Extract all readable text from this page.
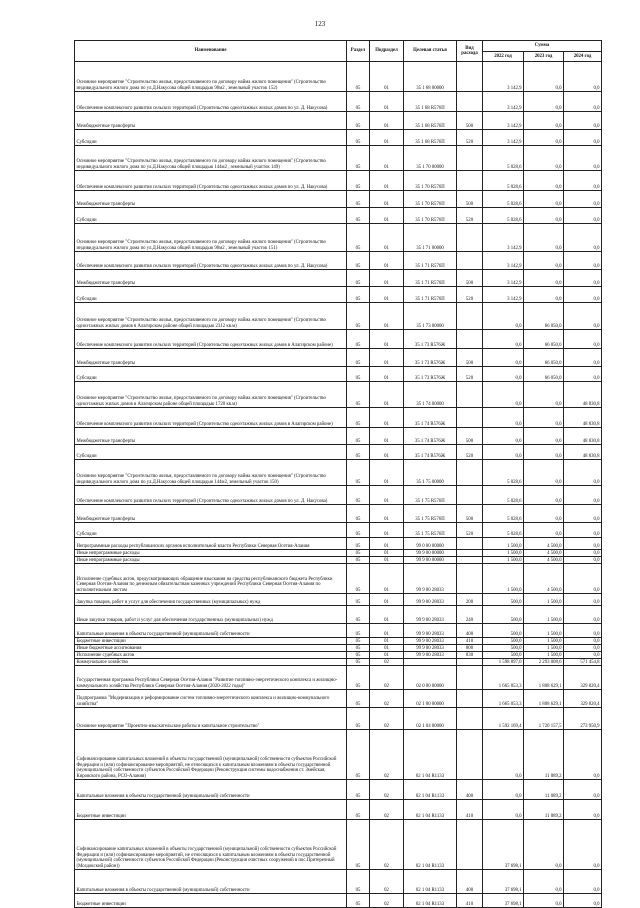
123
Наименование	Раздел	Подраздел	Целевая статья	Вид расхода	Сумма		
					2022 год	2023 год	2024 год
Основное мероприятие "Строительство жилья, предоставляемого по договору найма жилого помещения" (Строительство индивидуального жилого дома по ул.Д.Накусова общей площадью 90м2 , земельный участок 152)	05	01	35 1 68 00000		3 142,9	0,0	0,0
Обеспечение комплексного развития сельских территорий (Строительство одноэтажных жилых домов по ул. Д. Накусова)	05	01	35 1 68 R576П		3 142,9	0,0	0,0
Межбюджетные трансферты	05	01	35 1 68 R576П	500	3 142,9	0,0	0,0
Субсидии	05	01	35 1 68 R576П	520	3 142,9	0,0	0,0
Основное мероприятие "Строительство жилья, предоставляемого по договору найма жилого помещения" (Строительство индивидуального жилого дома по ул.Д.Накусова общей площадью 144м2 , земельный участок 149)	05	01	35 1 70 00000		5 028,6	0,0	0,0
Обеспечение комплексного развития сельских территорий (Строительство одноэтажных жилых домов по ул. Д. Накусова)	05	01	35 1 70 R576П		5 028,6	0,0	0,0
Межбюджетные трансферты	05	01	35 1 70 R576П	500	5 028,6	0,0	0,0
Субсидии	05	01	35 1 70 R576П	520	5 028,6	0,0	0,0
Основное мероприятие "Строительство жилья, предоставляемого по договору найма жилого помещения" (Строительство индивидуального жилого дома по ул.Д.Накусова общей площадью 90м2 , земельный участок 151)	05	01	35 1 71 00000		3 142,9	0,0	0,0
Обеспечение комплексного развития сельских территорий (Строительство одноэтажных жилых домов по ул. Д. Накусова)	05	01	35 1 71 R576П		3 142,9	0,0	0,0
Межбюджетные трансферты	05	01	35 1 71 R576П	500	3 142,9	0,0	0,0
Субсидии	05	01	35 1 71 R576П	520	3 142,9	0,0	0,0
Основное мероприятие "Строительство жилья, предоставляемого по договору найма жилого помещения" (Строительство одноэтажных жилых домов в Алагирском районе общей площадью 2312 кв.м)	05	01	35 1 73 00000		0,0	66 050,0	0,0
Обеспечение комплексного развития сельских территорий (Строительство одноэтажных жилых домов в Алагирском районе)	05	01	35 1 73 R576Ж		0,0	66 050,0	0,0
Межбюджетные трансферты	05	01	35 1 73 R576Ж	500	0,0	66 050,0	0,0
Субсидии	05	01	35 1 73 R576Ж	520	0,0	66 050,0	0,0
Основное мероприятие "Строительство жилья, предоставляемого по договору найма жилого помещения" (Строительство одноэтажных жилых домов в Алагирском районе общей площадью 1720 кв.м)	05	01	35 1 74 00000		0,0	0,0	48 830,8
Обеспечение комплексного развития сельских территорий (Строительство одноэтажных жилых домов в Алагирском районе)	05	01	35 1 74 R576Ж		0,0	0,0	48 830,8
Межбюджетные трансферты	05	01	35 1 74 R576Ж	500	0,0	0,0	48 830,8
Субсидии	05	01	35 1 74 R576Ж	520	0,0	0,0	48 830,8
Основное мероприятие "Строительство жилья, предоставляемого по договору найма жилого помещения" (Строительство индивидуального жилого дома по ул.Д.Накусова общей площадью 144м2, земельный участок 150)	05	01	35 1 75 00000		5 028,6	0,0	0,0
Обеспечение комплексного развития сельских территорий (Строительство одноэтажных жилых домов по ул. Д. Накусова)	05	01	35 1 75 R576П		5 028,6	0,0	0,0
Межбюджетные трансферты	05	01	35 1 75 R576П	500	5 028,6	0,0	0,0
Субсидии	05	01	35 1 75 R576П	520	5 028,6	0,0	0,0
Непрограммные расходы республиканских органов исполнительной власти Республики Северная Осетия-Алания	05	01	99 0 00 00000		1 500,0	4 500,0	0,0
Иные непрограммные расходы	05	01	99 9 00 00000		1 500,0	4 500,0	0,0
Иные непрограммные расходы	05	01	99 9 00 00000		1 500,0	4 500,0	0,0
Исполнение судебных актов, предусматривающих обращение взыскания на средства республиканского бюджета Республики Северная Осетия-Алания по денежным обязательствам казенных учреждений Республики Северная Осетия-Алания по исполнительным листам	05	01	99 9 00 28033		1 500,0	4 500,0	0,0
Закупка товаров, работ и услуг для обеспечения государственных (муниципальных) нужд	05	01	99 9 00 28033	200	500,0	1 500,0	0,0
Иные закупки товаров, работ и услуг для обеспечения государственных (муниципальных) нужд	05	01	99 9 00 28033	240	500,0	1 500,0	0,0
Капитальные вложения в объекты государственной (муниципальной) собственности	05	01	99 9 00 28033	400	500,0	1 500,0	0,0
Бюджетные инвестиции	05	01	99 9 00 28033	410	500,0	1 500,0	0,0
Иные бюджетные ассигнования	05	01	99 9 00 28033	800	500,0	1 500,0	0,0
Исполнение судебных актов	05	01	99 9 00 28033	830	500,0	1 500,0	0,0
Коммунальное хозяйство	05	02			1 598 897,0	2 293 008,6	571 454,8
Государственная программа Республики Северная Осетия-Алания "Развитие топливно-энергетического комплекса и жилищно-коммунального хозяйства Республики Северная Осетия-Алания (2020-2022 годы)"	05	02	02 0 00 00000		1 665 053,3	1 808 629,1	329 820,4
Подпрограмма "Модернизация и реформирование систем топливно-энергетического комплекса и жилищно-коммунального хозяйства"	05	02	02 1 00 00000		1 665 053,3	1 808 629,1	329 820,4
Основное мероприятие "Проектно-изыскательские работы и капитальное строительство"	05	02	02 1 04 00000		1 592 169,4	1 720 157,5	273 950,9
Софинансирование капитальных вложений в объекты государственной (муниципальной) собственности субъектов Российской Федерации и (или) софинансирование мероприятий, не относящихся к капитальным вложениям в объекты государственной (муниципальной) собственности субъектов Российской Федерации (Реконструкция системы водоснабжения ст. Змейская, Кировского района, РСО-Алания)	05	02	02 1 04 R1133		0,0	11 089,2	0,0
Капитальные вложения в объекты государственной (муниципальной) собственности	05	02	02 1 04 R1133	400	0,0	11 089,2	0,0
Бюджетные инвестиции	05	02	02 1 04 R1133	410	0,0	11 089,2	0,0
Софинансирование капитальных вложений в объекты государственной (муниципальной) собственности субъектов Российской Федерации и (или) софинансирование мероприятий, не относящихся к капитальным вложениям в объекты государственной (муниципальной) собственности субъектов Российской Федерации (Реконструкция очистных сооружений в пос.Притеречный (Моздокский район))	05	02	02 1 04 R1133		37 698,1	0,0	0,0
Капитальные вложения в объекты государственной (муниципальной) собственности	05	02	02 1 04 R1133	400	37 698,1	0,0	0,0
Бюджетные инвестиции	05	02	02 1 04 R1133	410	37 698,1	0,0	0,0
